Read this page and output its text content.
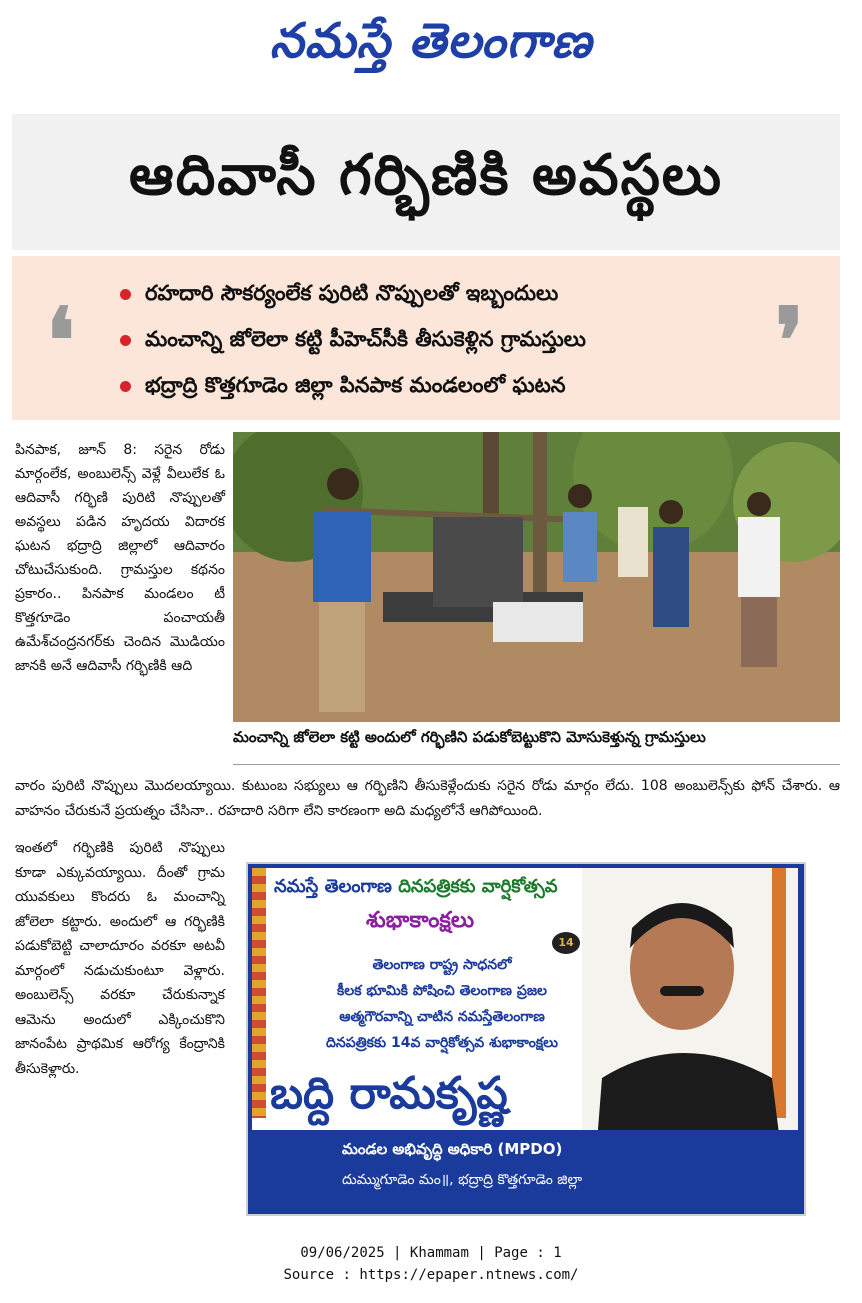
నమస్తే తెలంగాణ
ఆదివాసీ గర్భిణికి అవస్థలు
❛	❜
రహదారి సౌకర్యంలేక పురిటి నొప్పులతో ఇబ్బందులు
మంచాన్ని జోలెలా కట్టి పీహెచ్‌సీకి తీసుకెళ్లిన గ్రామస్తులు
భద్రాద్రి కొత్తగూడెం జిల్లా పినపాక మండలంలో ఘటన
పినపాక, జూన్ 8: సరైన రోడు మార్గంలేక, అంబులెన్స్ వెళ్లే వీలులేక ఓ ఆదివాసీ గర్భిణి పురిటి నొప్పులతో అవస్థలు పడిన హృదయ విదారక ఘటన భద్రాద్రి జిల్లాలో ఆదివారం చోటుచేసుకుంది. గ్రామస్తుల కథనం ప్రకారం.. పినపాక మండలం టీ కొత్తగూడెం పంచాయతీ ఉమేశ్‌చంద్రనగర్‌కు చెందిన మొడియం జానకి అనే ఆదివాసీ గర్భిణికి ఆది
మంచాన్ని జోలెలా కట్టి అందులో గర్భిణిని పడుకోబెట్టుకొని మోసుకెళ్తున్న గ్రామస్తులు
వారం పురిటి నొప్పులు మొదలయ్యాయి. కుటుంబ సభ్యులు ఆ గర్భిణిని తీసుకెళ్లేందుకు సరైన రోడు మార్గం లేదు. 108 అంబులెన్స్‌కు ఫోన్ చేశారు. ఆ వాహనం చేరుకునే ప్రయత్నం చేసినా.. రహదారి సరిగా లేని కారణంగా అది మధ్యలోనే ఆగిపోయింది.
ఇంతలో గర్భిణికి పురిటి నొప్పులు కూడా ఎక్కువయ్యాయి. దీంతో గ్రామ యువకులు కొందరు ఓ మంచాన్ని జోలెలా కట్టారు. అందులో ఆ గర్భిణికి పడుకోబెట్టి చాలాదూరం వరకూ అటవీ మార్గంలో నడుచుకుంటూ వెళ్లారు. అంబులెన్స్ వరకూ చేరుకున్నాక ఆమెను అందులో ఎక్కించుకొని జానంపేట ప్రాథమిక ఆరోగ్య కేంద్రానికి తీసుకెళ్లారు.
నమస్తే తెలంగాణ దినపత్రికకు వార్షికోత్సవ
శుభాకాంక్షలు
14
తెలంగాణ రాష్ట్ర సాధనలో
కీలక భూమికి పోషించి తెలంగాణ ప్రజల
ఆత్మగౌరవాన్ని చాటిన నమస్తేతెలంగాణ
దినపత్రికకు 14వ వార్షికోత్సవ శుభాకాంక్షలు
బద్ది రామకృష్ణ
మండల అభివృద్ధి అధికారి (MPDO)
దుమ్ముగూడెం మం॥, భద్రాద్రి కొత్తగూడెం జిల్లా
09/06/2025 | Khammam | Page : 1
Source : https://epaper.ntnews.com/
